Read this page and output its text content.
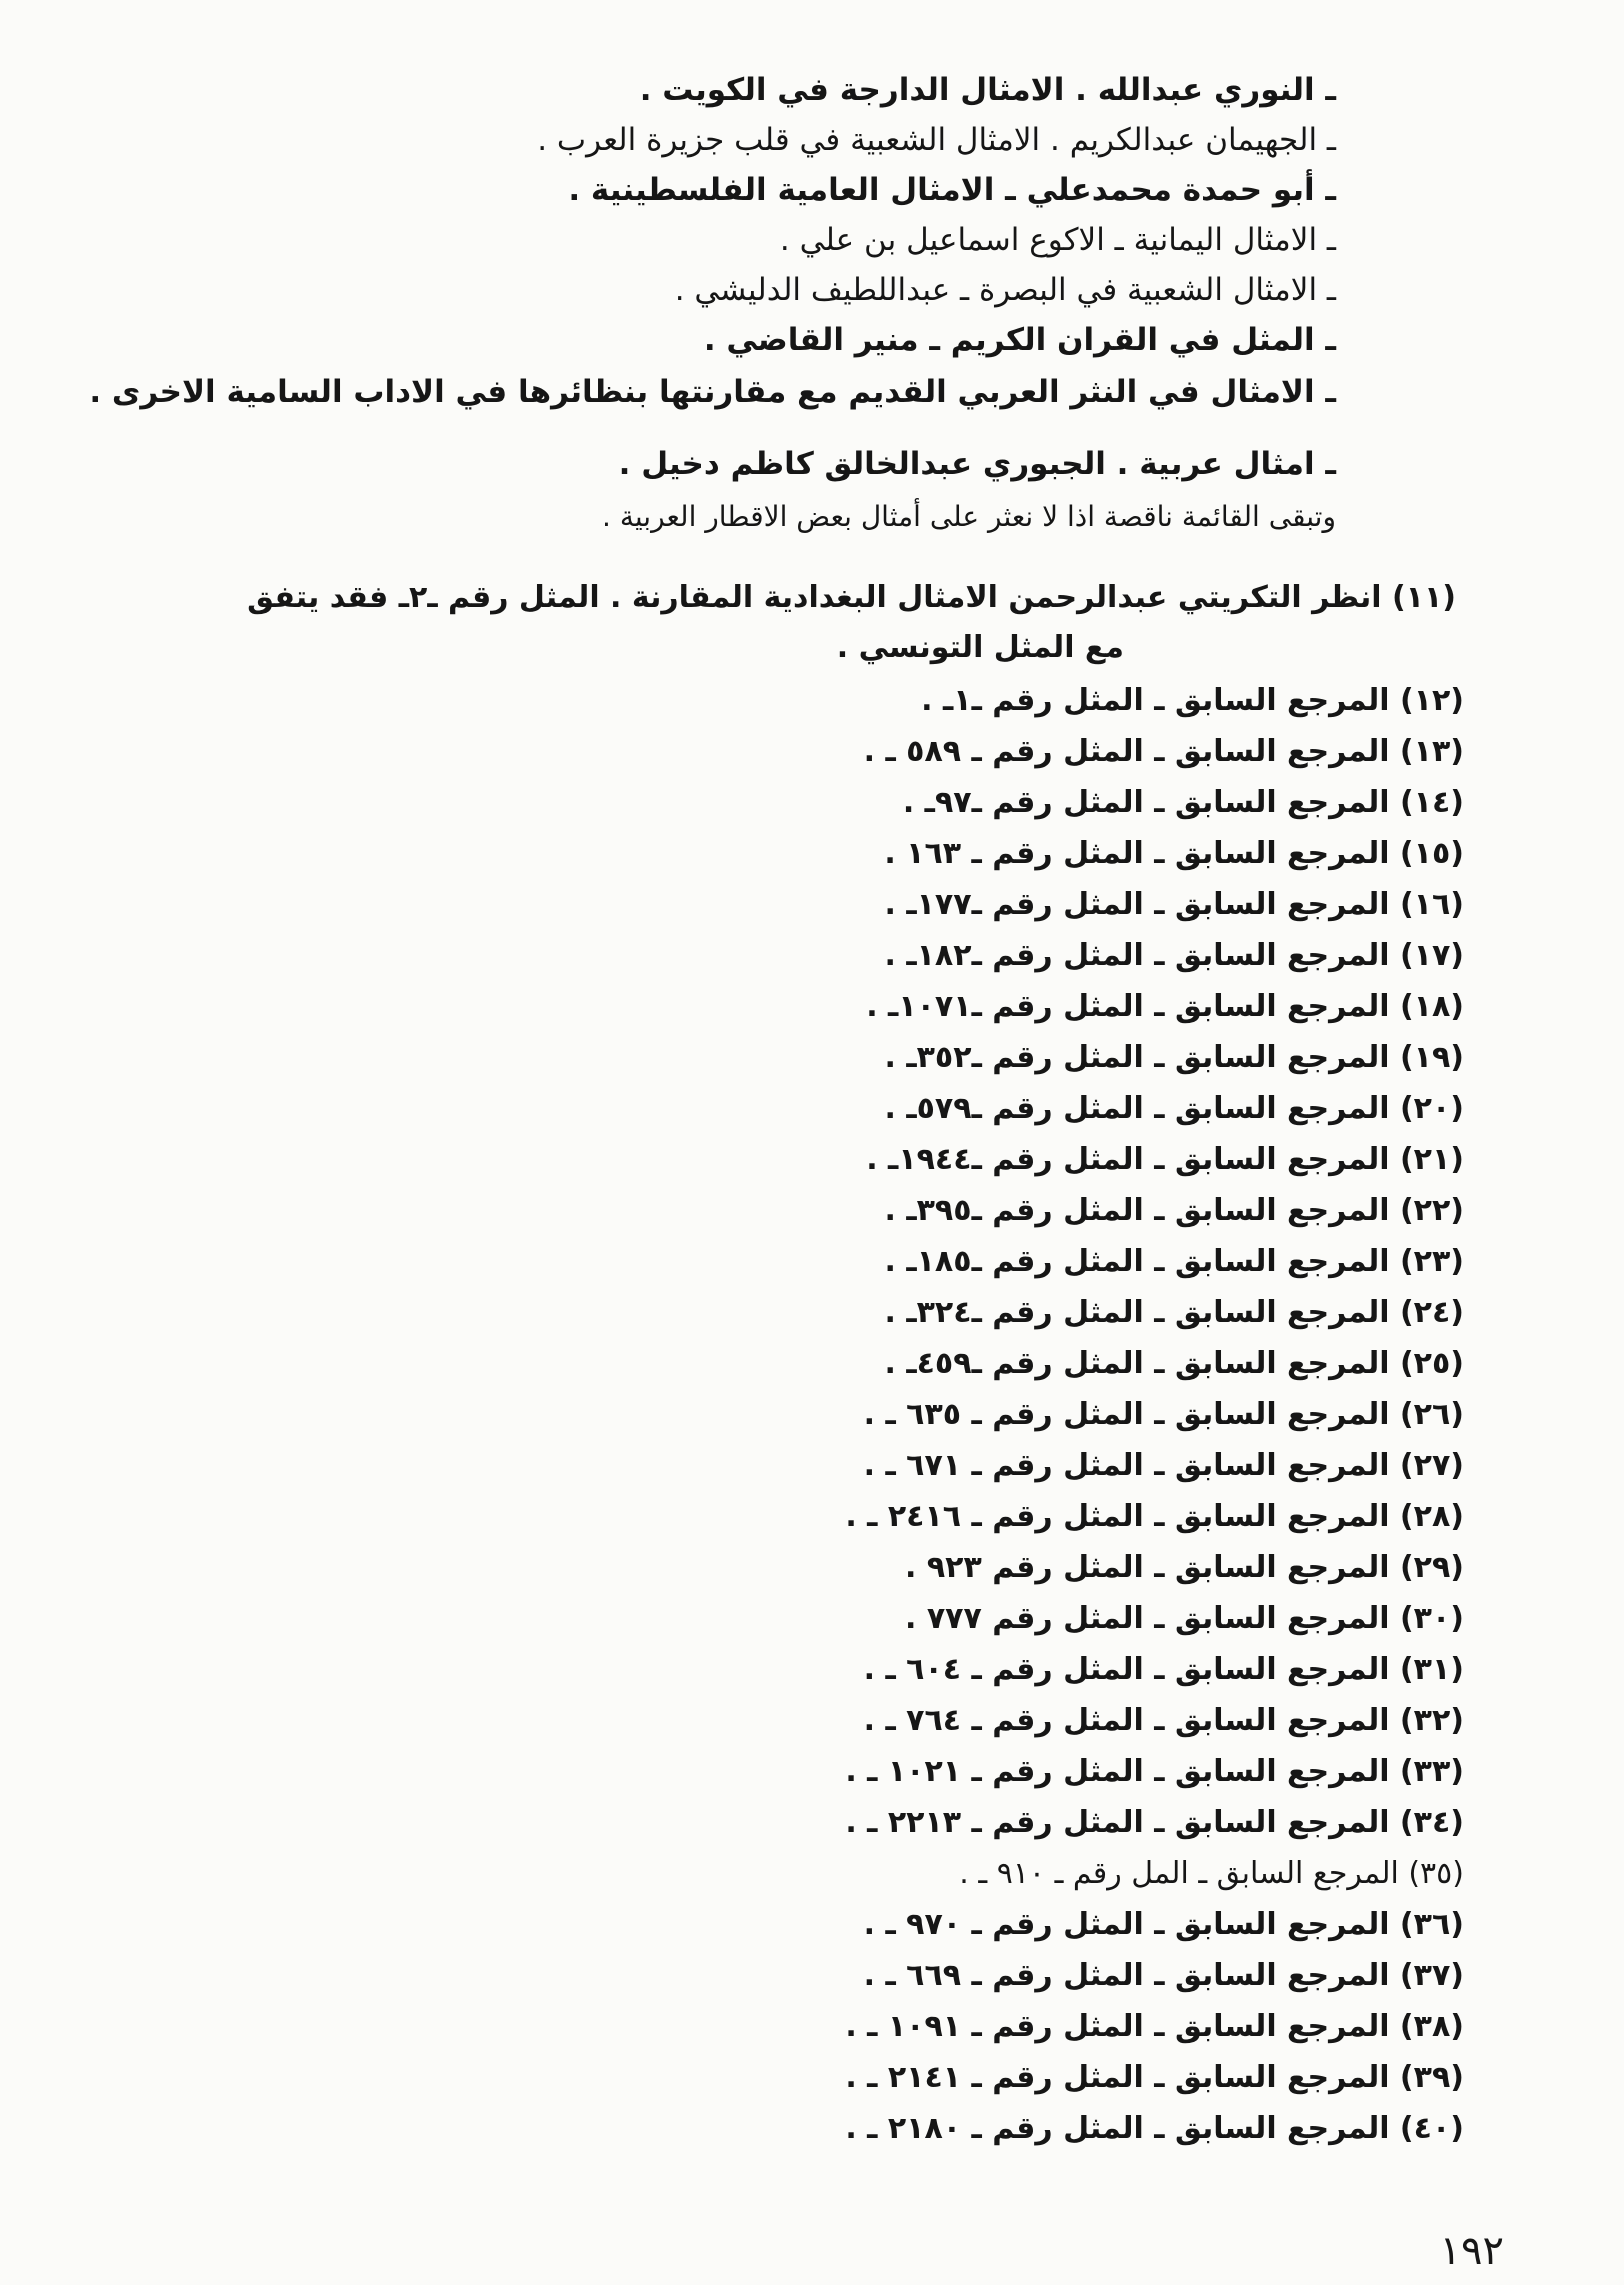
ـ النوري عبدالله . الامثال الدارجة في الكويت .
ـ الجهيمان عبدالكريم . الامثال الشعبية في قلب جزيرة العرب .
ـ أبو حمدة محمدعلي ـ الامثال العامية الفلسطينية .
ـ الامثال اليمانية ـ الاكوع اسماعيل بن علي .
ـ الامثال الشعبية في البصرة ـ عبداللطيف الدليشي .
ـ المثل في القران الكريم ـ منير القاضي .
ـ الامثال في النثر العربي القديم مع مقارنتها بنظائرها في الاداب السامية الاخرى .
ـ امثال عربية . الجبوري عبدالخالق كاظم دخيل .
وتبقى القائمة ناقصة اذا لا نعثر على أمثال بعض الاقطار العربية .
(١١) انظر التكريتي عبدالرحمن الامثال البغدادية المقارنة . المثل رقم ـ٢ـ فقد يتفق
مع المثل التونسي .
(١٢) المرجع السابق ـ المثل رقم ـ١ـ .
(١٣) المرجع السابق ـ المثل رقم ـ ٥٨٩ ـ .
(١٤) المرجع السابق ـ المثل رقم ـ٩٧ـ .
(١٥) المرجع السابق ـ المثل رقم ـ ١٦٣ .
(١٦) المرجع السابق ـ المثل رقم ـ١٧٧ـ .
(١٧) المرجع السابق ـ المثل رقم ـ١٨٢ـ .
(١٨) المرجع السابق ـ المثل رقم ـ١٠٧١ـ .
(١٩) المرجع السابق ـ المثل رقم ـ٣٥٢ـ .
(٢٠) المرجع السابق ـ المثل رقم ـ٥٧٩ـ .
(٢١) المرجع السابق ـ المثل رقم ـ١٩٤٤ـ .
(٢٢) المرجع السابق ـ المثل رقم ـ٣٩٥ـ .
(٢٣) المرجع السابق ـ المثل رقم ـ١٨٥ـ .
(٢٤) المرجع السابق ـ المثل رقم ـ٣٢٤ـ .
(٢٥) المرجع السابق ـ المثل رقم ـ٤٥٩ـ .
(٢٦) المرجع السابق ـ المثل رقم ـ ٦٣٥ ـ .
(٢٧) المرجع السابق ـ المثل رقم ـ ٦٧١ ـ .
(٢٨) المرجع السابق ـ المثل رقم ـ ٢٤١٦ ـ .
(٢٩) المرجع السابق ـ المثل رقم ٩٢٣ .
(٣٠) المرجع السابق ـ المثل رقم ٧٧٧ .
(٣١) المرجع السابق ـ المثل رقم ـ ٦٠٤ ـ .
(٣٢) المرجع السابق ـ المثل رقم ـ ٧٦٤ ـ .
(٣٣) المرجع السابق ـ المثل رقم ـ ١٠٢١ ـ .
(٣٤) المرجع السابق ـ المثل رقم ـ ٢٢١٣ ـ .
(٣٥) المرجع السابق ـ المل رقم ـ ٩١٠ ـ .
(٣٦) المرجع السابق ـ المثل رقم ـ ٩٧٠ ـ .
(٣٧) المرجع السابق ـ المثل رقم ـ ٦٦٩ ـ .
(٣٨) المرجع السابق ـ المثل رقم ـ ١٠٩١ ـ .
(٣٩) المرجع السابق ـ المثل رقم ـ ٢١٤١ ـ .
(٤٠) المرجع السابق ـ المثل رقم ـ ٢١٨٠ ـ .
١٩٢
